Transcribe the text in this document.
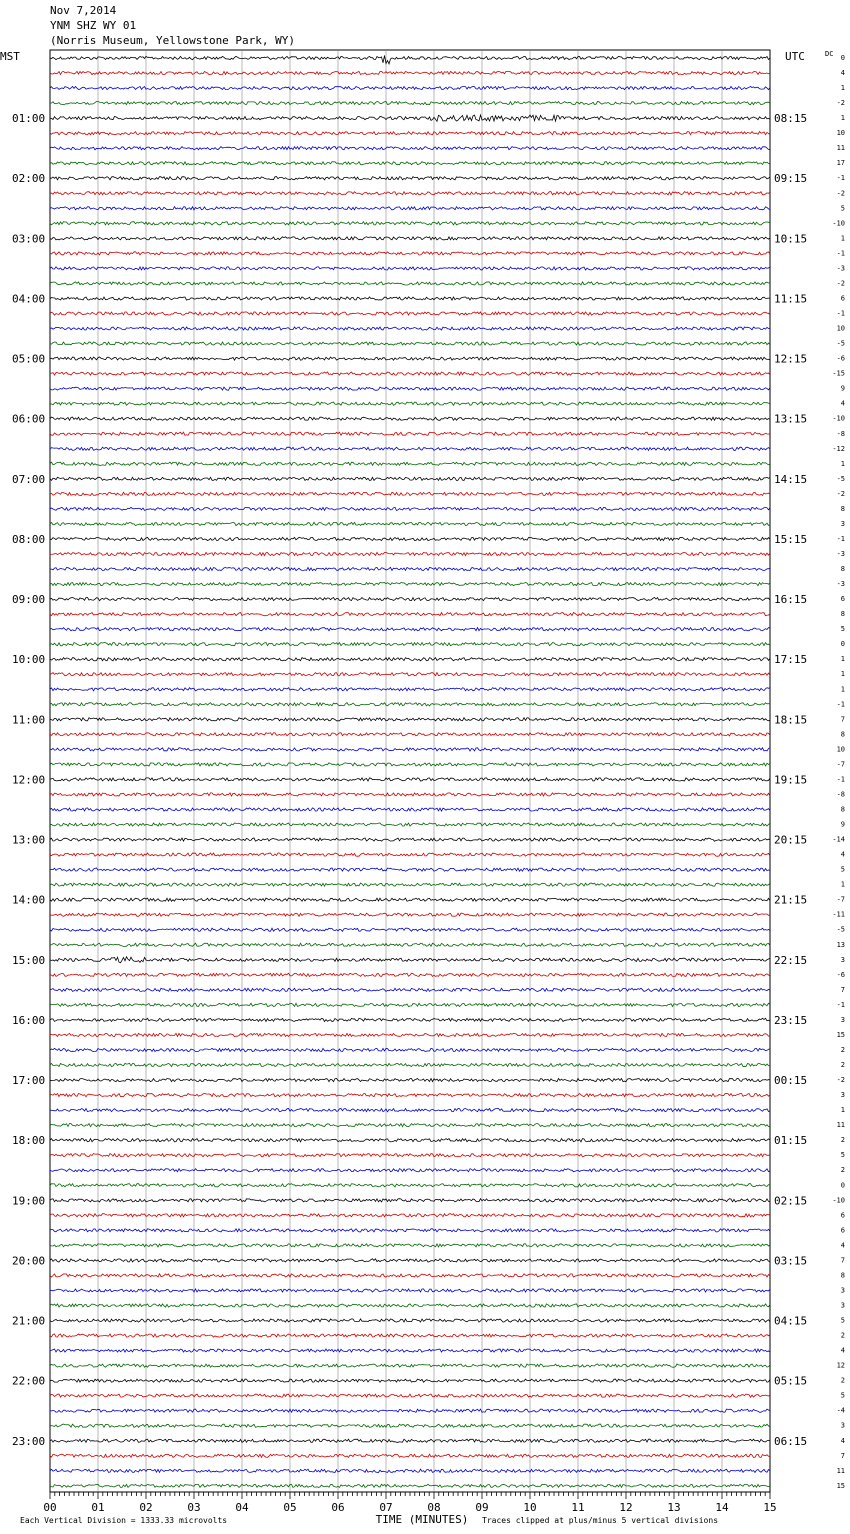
Nov 7,2014
YNM SHZ WY 01
(Norris Museum, Yellowstone Park, WY)
MST	UTC	DC
01:00
02:00
03:00
04:00
05:00
06:00
07:00
08:00
09:00
10:00
11:00
12:00
13:00
14:00
15:00
16:00
17:00
18:00
19:00
20:00
21:00
22:00
23:00
08:15
09:15
10:15
11:15
12:15
13:15
14:15
15:15
16:15
17:15
18:15
19:15
20:15
21:15
22:15
23:15
00:15
01:15
02:15
03:15
04:15
05:15
06:15
0
4
1
-2
1
10
11
17
-1
-2
5
-10
1
-1
-3
-2
6
-1
10
-5
-6
-15
9
4
-10
-8
-12
1
-5
-2
8
3
-1
-3
8
-3
6
8
5
0
1
1
1
-1
7
8
10
-7
-1
-8
8
9
-14
4
5
1
-7
-11
-5
13
3
-6
7
-1
3
15
2
2
-2
3
1
11
2
5
2
0
-10
6
6
4
7
8
3
3
5
2
4
12
2
5
-4
3
4
7
11
15
00	01	02	03	04	05	06	07	08	09	10	11	12	13	14	15
TIME (MINUTES)
Each Vertical Division = 1333.33 microvolts	Traces clipped at plus/minus 5 vertical divisions
